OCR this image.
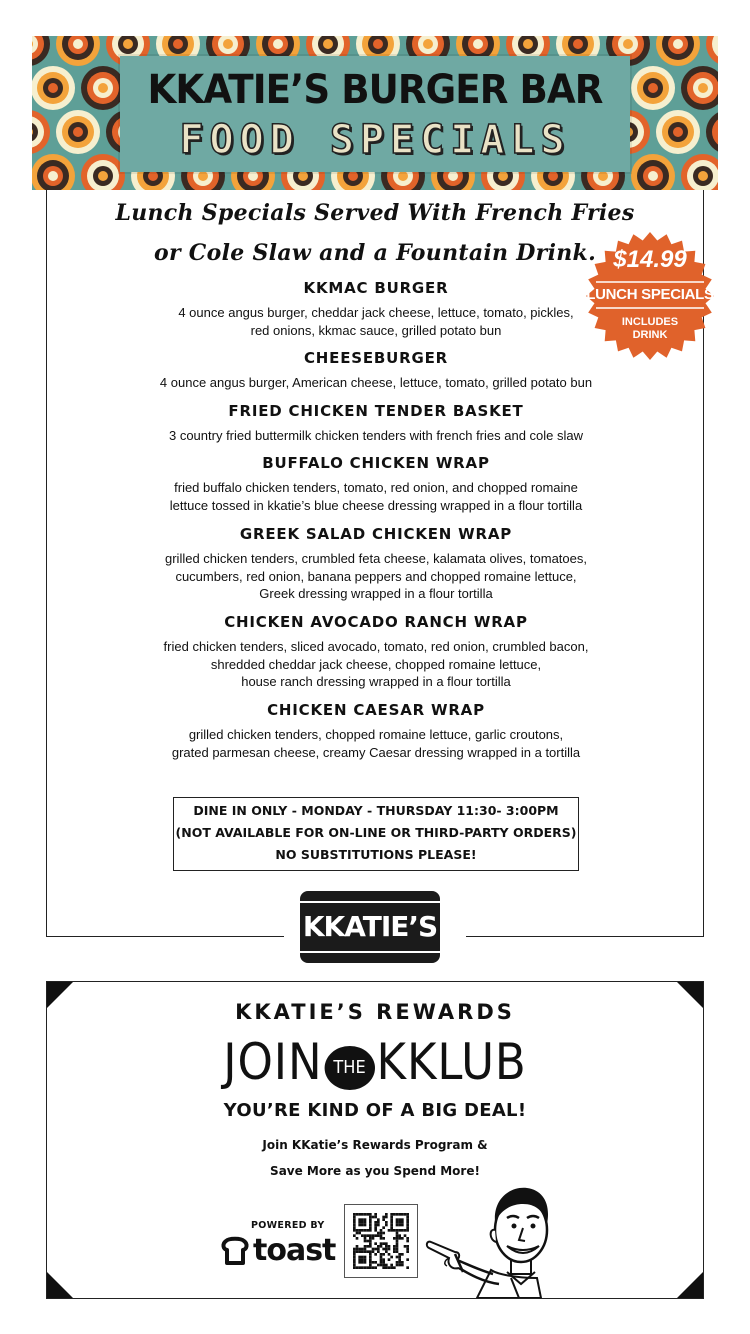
KKATIE’S BURGER BAR
FOOD SPECIALS
Lunch Specials Served With French Fries
or Cole Slaw and a Fountain Drink. $14.99
LUNCH SPECIALS
INCLUDES
DRINK
KKMAC BURGER
4 ounce angus burger, cheddar jack cheese, lettuce, tomato, pickles,
red onions, kkmac sauce, grilled potato bun
CHEESEBURGER
4 ounce angus burger, American cheese, lettuce, tomato, grilled potato bun
FRIED CHICKEN TENDER BASKET
3 country fried buttermilk chicken tenders with french fries and cole slaw
BUFFALO CHICKEN WRAP
fried buffalo chicken tenders, tomato, red onion, and chopped romaine
lettuce tossed in kkatie’s blue cheese dressing wrapped in a flour tortilla
GREEK SALAD CHICKEN WRAP
grilled chicken tenders, crumbled feta cheese, kalamata olives, tomatoes,
cucumbers, red onion, banana peppers and chopped romaine lettuce,
Greek dressing wrapped in a flour tortilla
CHICKEN AVOCADO RANCH WRAP
fried chicken tenders, sliced avocado, tomato, red onion, crumbled bacon,
shredded cheddar jack cheese, chopped romaine lettuce,
house ranch dressing wrapped in a flour tortilla
CHICKEN CAESAR WRAP
grilled chicken tenders, chopped romaine lettuce, garlic croutons,
grated parmesan cheese, creamy Caesar dressing wrapped in a tortilla
DINE IN ONLY - MONDAY - THURSDAY 11:30- 3:00PM
(NOT AVAILABLE FOR ON-LINE OR THIRD-PARTY ORDERS)
NO SUBSTITUTIONS PLEASE!
KKATIE’S
KKATIE’S REWARDS
JOIN THE KKLUB
YOU’RE KIND OF A BIG DEAL!
Join KKatie’s Rewards Program &
Save More as you Spend More!
POWERED BY
toast
